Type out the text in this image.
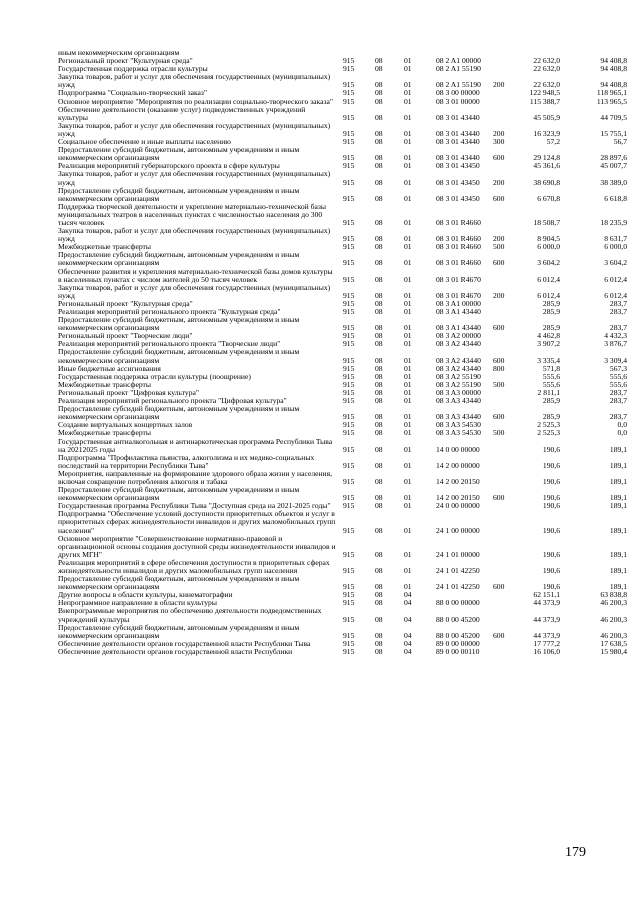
иным некоммерческим организациям
Региональный проект "Культурная среда"	915	08	01	08 2 A1 00000	22 632,0	94 408,8
Государственная поддержка отрасли культуры	915	08	01	08 2 A1 55190	22 632,0	94 408,8
Закупка товаров, работ и услуг для обеспечения государственных (муниципальных) нужд	915	08	01	08 2 A1 55190 200	22 632,0	94 408,8
Подпрограмма "Социально-творческий заказ"	915	08	01	08 3 00 00000	122 948,5	118 965,1
Основное мероприятие "Мероприятия по реализации социально-творческого заказа"	915	08	01	08 3 01 00000	115 388,7	113 965,5
Обеспечение деятельности (оказание услуг) подведомственных учреждений культуры	915	08	01	08 3 01 43440	45 505,9	44 709,5
Закупка товаров, работ и услуг для обеспечения государственных (муниципальных) нужд	915	08	01	08 3 01 43440 200	16 323,9	15 755,1
Социальное обеспечение и иные выплаты населению	915	08	01	08 3 01 43440 300	57,2	56,7
Предоставление субсидий бюджетным, автономным учреждениям и иным некоммерческим организациям	915	08	01	08 3 01 43440 600	29 124,8	28 897,6
Реализация мероприятий губернаторского проекта в сфере культуры	915	08	01	08 3 01 43450	45 361,6	45 007,7
Закупка товаров, работ и услуг для обеспечения государственных (муниципальных) нужд	915	08	01	08 3 01 43450 200	38 690,8	38 389,0
Предоставление субсидий бюджетным, автономным учреждениям и иным некоммерческим организациям	915	08	01	08 3 01 43450 600	6 670,8	6 618,8
Поддержка творческой деятельности и укрепление материально-технической базы муниципальных театров в населенных пунктах с численностью населения до 300 тысяч человек	915	08	01	08 3 01 R4660	18 508,7	18 235,9
Закупка товаров, работ и услуг для обеспечения государственных (муниципальных) нужд	915	08	01	08 3 01 R4660 200	8 904,5	8 631,7
Межбюджетные трансферты	915	08	01	08 3 01 R4660 500	6 000,0	6 000,0
Предоставление субсидий бюджетным, автономным учреждениям и иным некоммерческим организациям	915	08	01	08 3 01 R4660 600	3 604,2	3 604,2
Обеспечение развития и укрепления материально-технической базы домов культуры в населенных пунктах с числом жителей до 50 тысяч человек	915	08	01	08 3 01 R4670	6 012,4	6 012,4
Закупка товаров, работ и услуг для обеспечения государственных (муниципальных) нужд	915	08	01	08 3 01 R4670 200	6 012,4	6 012,4
Региональный проект "Культурная среда"	915	08	01	08 3 A1 00000	285,9	283,7
Реализация мероприятий регионального проекта "Культурная среда"	915	08	01	08 3 A1 43440	285,9	283,7
Предоставление субсидий бюджетным, автономным учреждениям и иным некоммерческим организациям	915	08	01	08 3 A1 43440 600	285,9	283,7
Региональный проект "Творческие люди"	915	08	01	08 3 A2 00000	4 462,8	4 432,3
Реализация мероприятий регионального проекта "Творческие люди"	915	08	01	08 3 A2 43440	3 907,2	3 876,7
Предоставление субсидий бюджетным, автономным учреждениям и иным некоммерческим организациям	915	08	01	08 3 A2 43440 600	3 335,4	3 309,4
Иные бюджетные ассигнования	915	08	01	08 3 A2 43440 800	571,8	567,3
Государственная поддержка отрасли культуры (поощрение)	915	08	01	08 3 A2 55190	555,6	555,6
Межбюджетные трансферты	915	08	01	08 3 A2 55190 500	555,6	555,6
Региональный проект "Цифровая культура"	915	08	01	08 3 A3 00000	2 811,1	283,7
Реализация мероприятий регионального проекта "Цифровая культура"	915	08	01	08 3 A3 43440	285,9	283,7
Предоставление субсидий бюджетным, автономным учреждениям и иным некоммерческим организациям	915	08	01	08 3 A3 43440 600	285,9	283,7
Создание виртуальных концертных залов	915	08	01	08 3 A3 54530	2 525,3	0,0
Межбюджетные трансферты	915	08	01	08 3 A3 54530 500	2 525,3	0,0
Государственная антиалкогольная и антинаркотическая программа Республики Тыва на 20212025 годы	915	08	01	14 0 00 00000	190,6	189,1
Подпрограмма "Профилактика пьянства, алкоголизма и их медико-социальных последствий на территории Республики Тыва"	915	08	01	14 2 00 00000	190,6	189,1
Мероприятия, направленные на формирование здорового образа жизни у населения, включая сокращение потребления алкоголя и табака	915	08	01	14 2 00 20150	190,6	189,1
Предоставление субсидий бюджетным, автономным учреждениям и иным некоммерческим организациям	915	08	01	14 2 00 20150 600	190,6	189,1
Государственная программа Республики Тыва "Доступная среда на 2021-2025 годы"	915	08	01	24 0 00 00000	190,6	189,1
Подпрограмма "Обеспечение условий доступности приоритетных объектов и услуг в приоритетных сферах жизнедеятельности инвалидов и других маломобильных групп населения"	915	08	01	24 1 00 00000	190,6	189,1
Основное мероприятие "Совершенствование нормативно-правовой и организационной основы создания доступной среды жизнедеятельности инвалидов и других МГН"	915	08	01	24 1 01 00000	190,6	189,1
Реализация мероприятий в сфере обеспечения доступности в приоритетных сферах жизнедеятельности инвалидов и других маломобильных групп населения	915	08	01	24 1 01 42250	190,6	189,1
Предоставление субсидий бюджетным, автономным учреждениям и иным некоммерческим организациям	915	08	01	24 1 01 42250 600	190,6	189,1
Другие вопросы в области культуры, кинематографии	915	08	04	62 151,1	63 838,8
Непрограммное направление в области культуры	915	08	04	88 0 00 00000	44 373,9	46 200,3
Внепрограммные мероприятия по обеспечению деятельности подведомственных учреждений культуры	915	08	04	88 0 00 45200	44 373,9	46 200,3
Предоставление субсидий бюджетным, автономным учреждениям и иным некоммерческим организациям	915	08	04	88 0 00 45200 600	44 373,9	46 200,3
Обеспечение деятельности органов государственной власти Республики Тыва	915	08	04	89 0 00 00000	17 777,2	17 638,5
Обеспечение деятельности органов государственной власти Республики	915	08	04	89 0 00 00110	16 106,0	15 980,4
179
